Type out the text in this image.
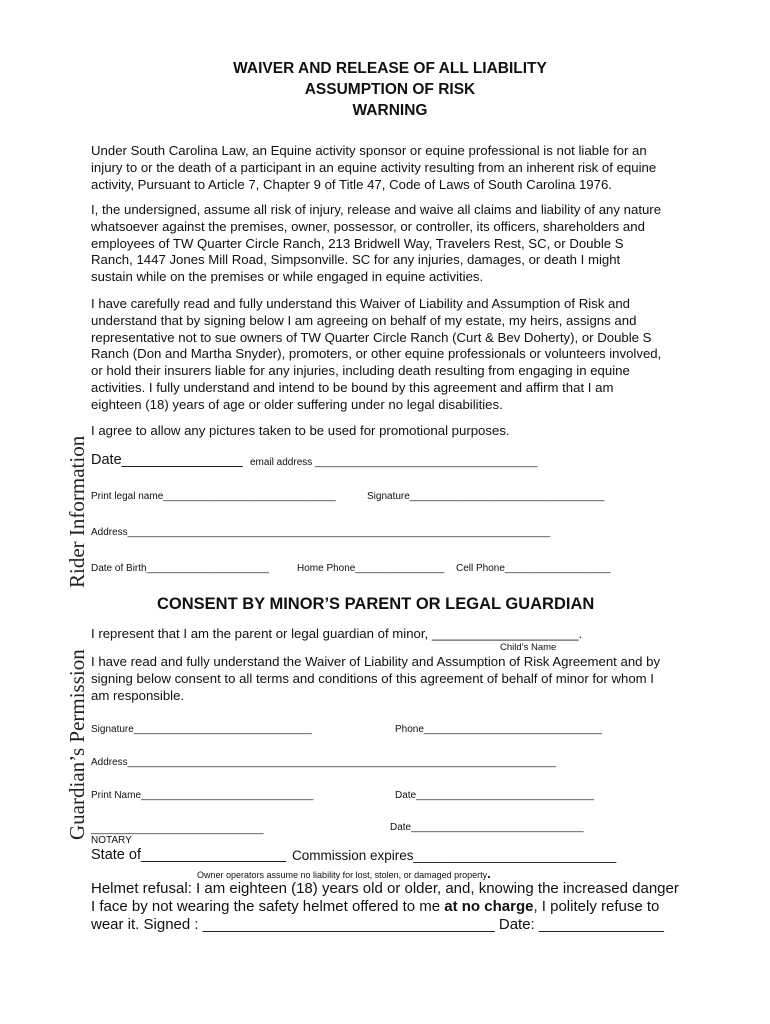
WAIVER AND RELEASE OF ALL LIABILITY
ASSUMPTION OF RISK
WARNING
Under South Carolina Law, an Equine activity sponsor or equine professional is not liable for an
injury to or the death of a participant in an equine activity resulting from an inherent risk of equine
activity, Pursuant to Article 7, Chapter 9 of Title 47, Code of Laws of South Carolina 1976.
I, the undersigned, assume all risk of injury, release and waive all claims and liability of any nature
whatsoever against the premises, owner, possessor, or controller, its officers, shareholders and
employees of TW Quarter Circle Ranch, 213 Bridwell Way, Travelers Rest, SC, or Double S
Ranch, 1447 Jones Mill Road, Simpsonville. SC for any injuries, damages, or death I might
sustain while on the premises or while engaged in equine activities.
I have carefully read and fully understand this Waiver of Liability and Assumption of Risk and
understand that by signing below I am agreeing on behalf of my estate, my heirs, assigns and
representative not to sue owners of TW Quarter Circle Ranch (Curt & Bev Doherty), or Double S
Ranch (Don and Martha Snyder), promoters, or other equine professionals or volunteers involved,
or hold their insurers liable for any injuries, including death resulting from engaging in equine
activities. I fully understand and intend to be bound by this agreement and affirm that I am
eighteen (18) years of age or older suffering under no legal disabilities.
I agree to allow any pictures taken to be used for promotional purposes.
Rider Information Date_______________ email address ________________________________________
Print legal name_______________________________	Signature___________________________________
Address____________________________________________________________________________
Date of Birth______________________	Home Phone________________ Cell Phone___________________
CONSENT BY MINOR’S PARENT OR LEGAL GUARDIAN
Guardian’s Permission
I represent that I am the parent or legal guardian of minor, ____________________.
Child’s Name
I have read and fully understand the Waiver of Liability and Assumption of Risk Agreement and by
signing below consent to all terms and conditions of this agreement of behalf of minor for whom I
am responsible.
Signature________________________________	Phone________________________________
Address_____________________________________________________________________________
Print Name_______________________________	Date________________________________
_______________________________
NOTARY
Date_______________________________
State of__________________ Commission expires___________________________
Owner operators assume no liability for lost, stolen, or damaged property.
Helmet refusal: I am eighteen (18) years old or older, and, knowing the increased danger
I face by not wearing the safety helmet offered to me at no charge, I politely refuse to
wear it. Signed : ___________________________________ Date: _______________
